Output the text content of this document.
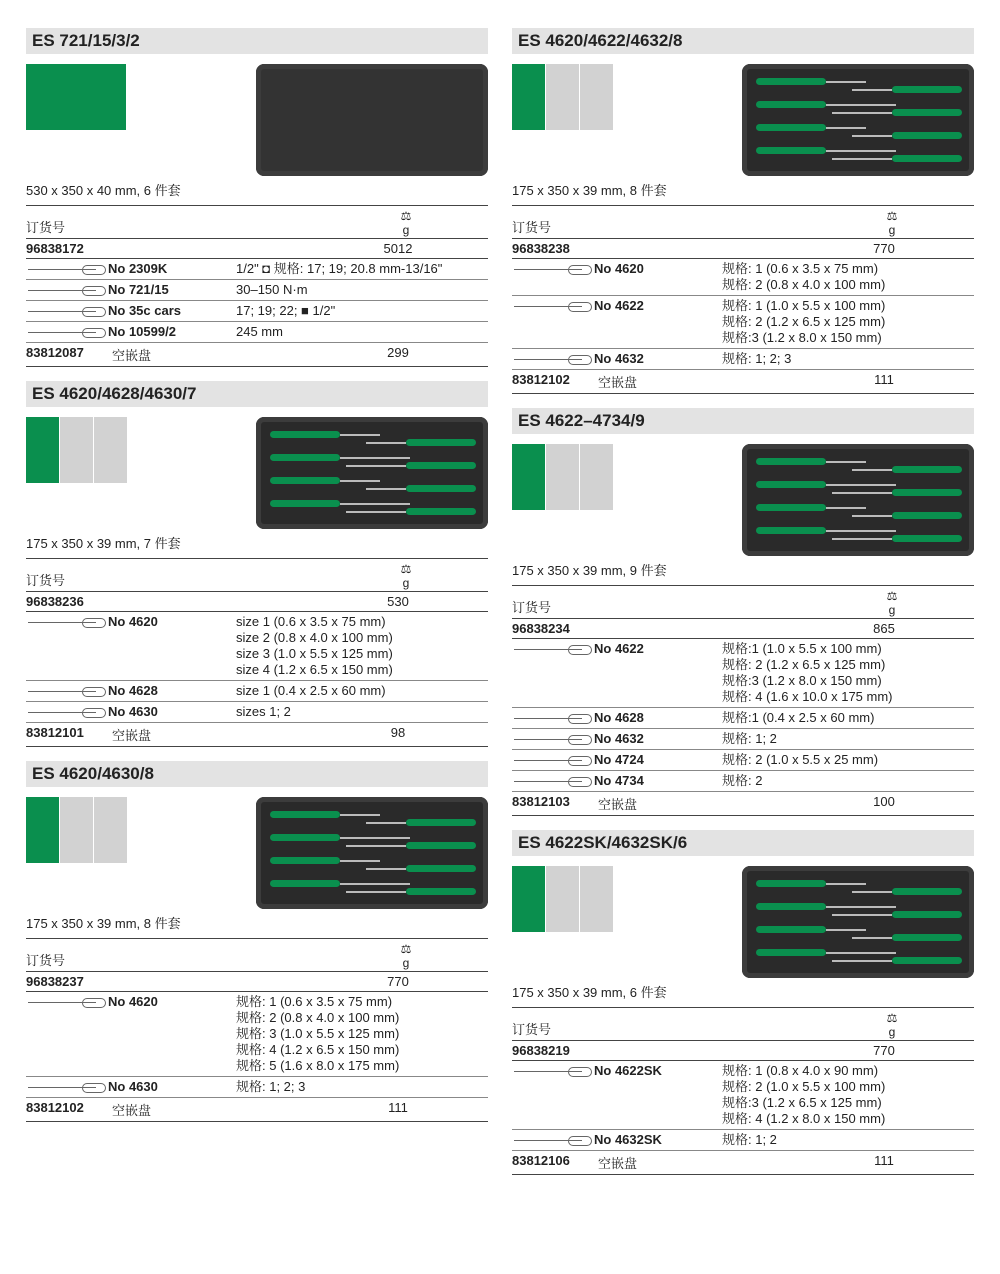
ES 721/15/3/2
530 x 350 x 40 mm, 6 件套
订货号
⚖
g
96838172	5012
No 2309K	1/2" ◘ 规格: 17; 19; 20.8 mm-13/16"
No 721/15	30–150 N·m
No 35c cars	17; 19; 22; ■ 1/2"
No 10599/2	245 mm
83812087	空嵌盘	299
ES 4620/4628/4630/7
175 x 350 x 39 mm, 7 件套
订货号
⚖
g
96838236	530
No 4620	size 1 (0.6 x 3.5 x 75 mm)
size 2 (0.8 x 4.0 x 100 mm)
size 3 (1.0 x 5.5 x 125 mm)
size 4 (1.2 x 6.5 x 150 mm)
No 4628	size 1 (0.4 x 2.5 x 60 mm)
No 4630	sizes 1; 2
83812101	空嵌盘	98
ES 4620/4630/8
175 x 350 x 39 mm, 8 件套
订货号
⚖
g
96838237	770
No 4620	规格: 1 (0.6 x 3.5 x 75 mm)
规格: 2 (0.8 x 4.0 x 100 mm)
规格: 3 (1.0 x 5.5 x 125 mm)
规格: 4 (1.2 x 6.5 x 150 mm)
规格: 5 (1.6 x 8.0 x 175 mm)
No 4630	规格: 1; 2; 3
83812102	空嵌盘	111
ES 4620/4622/4632/8
175 x 350 x 39 mm, 8 件套
订货号
⚖
g
96838238	770
No 4620	规格: 1 (0.6 x 3.5 x 75 mm)
规格: 2 (0.8 x 4.0 x 100 mm)
No 4622	规格: 1 (1.0 x 5.5 x 100 mm)
规格: 2 (1.2 x 6.5 x 125 mm)
规格:3 (1.2 x 8.0 x 150 mm)
No 4632	规格: 1; 2; 3
83812102	空嵌盘	111
ES 4622–4734/9
175 x 350 x 39 mm, 9 件套
订货号
⚖
g
96838234	865
No 4622	规格:1 (1.0 x 5.5 x 100 mm)
规格: 2 (1.2 x 6.5 x 125 mm)
规格:3 (1.2 x 8.0 x 150 mm)
规格: 4 (1.6 x 10.0 x 175 mm)
No 4628	规格:1 (0.4 x 2.5 x 60 mm)
No 4632	规格: 1; 2
No 4724	规格: 2 (1.0 x 5.5 x 25 mm)
No 4734	规格: 2
83812103	空嵌盘	100
ES 4622SK/4632SK/6
175 x 350 x 39 mm, 6 件套
订货号
⚖
g
96838219	770
No 4622SK	规格: 1 (0.8 x 4.0 x 90 mm)
规格: 2 (1.0 x 5.5 x 100 mm)
规格:3 (1.2 x 6.5 x 125 mm)
规格: 4 (1.2 x 8.0 x 150 mm)
No 4632SK	规格: 1; 2
83812106	空嵌盘	111
